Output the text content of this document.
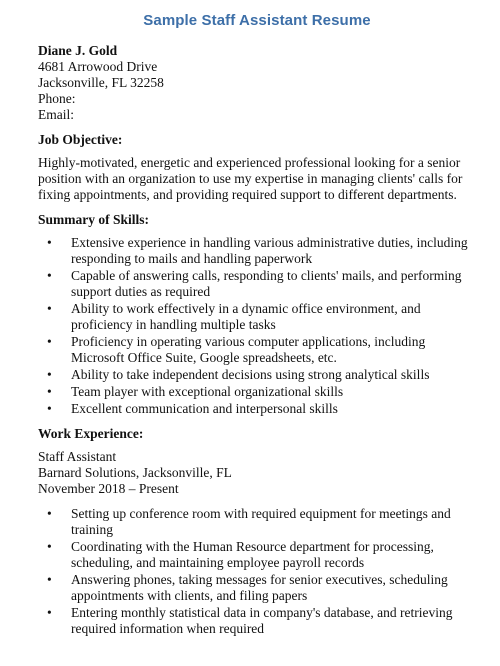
Sample Staff Assistant Resume
Diane J. Gold
4681 Arrowood Drive
Jacksonville, FL 32258
Phone:
Email:
Job Objective:
Highly-motivated, energetic and experienced professional looking for a senior position with an organization to use my expertise in managing clients' calls for fixing appointments, and providing required support to different departments.
Summary of Skills:
• Extensive experience in handling various administrative duties, including responding to mails and handling paperwork
• Capable of answering calls, responding to clients' mails, and performing support duties as required
• Ability to work effectively in a dynamic office environment, and proficiency in handling multiple tasks
• Proficiency in operating various computer applications, including Microsoft Office Suite, Google spreadsheets, etc.
• Ability to take independent decisions using strong analytical skills
• Team player with exceptional organizational skills
• Excellent communication and interpersonal skills
Work Experience:
Staff Assistant
Barnard Solutions, Jacksonville, FL
November 2018 – Present
• Setting up conference room with required equipment for meetings and training
• Coordinating with the Human Resource department for processing, scheduling, and maintaining employee payroll records
• Answering phones, taking messages for senior executives, scheduling appointments with clients, and filing papers
• Entering monthly statistical data in company's database, and retrieving required information when required
